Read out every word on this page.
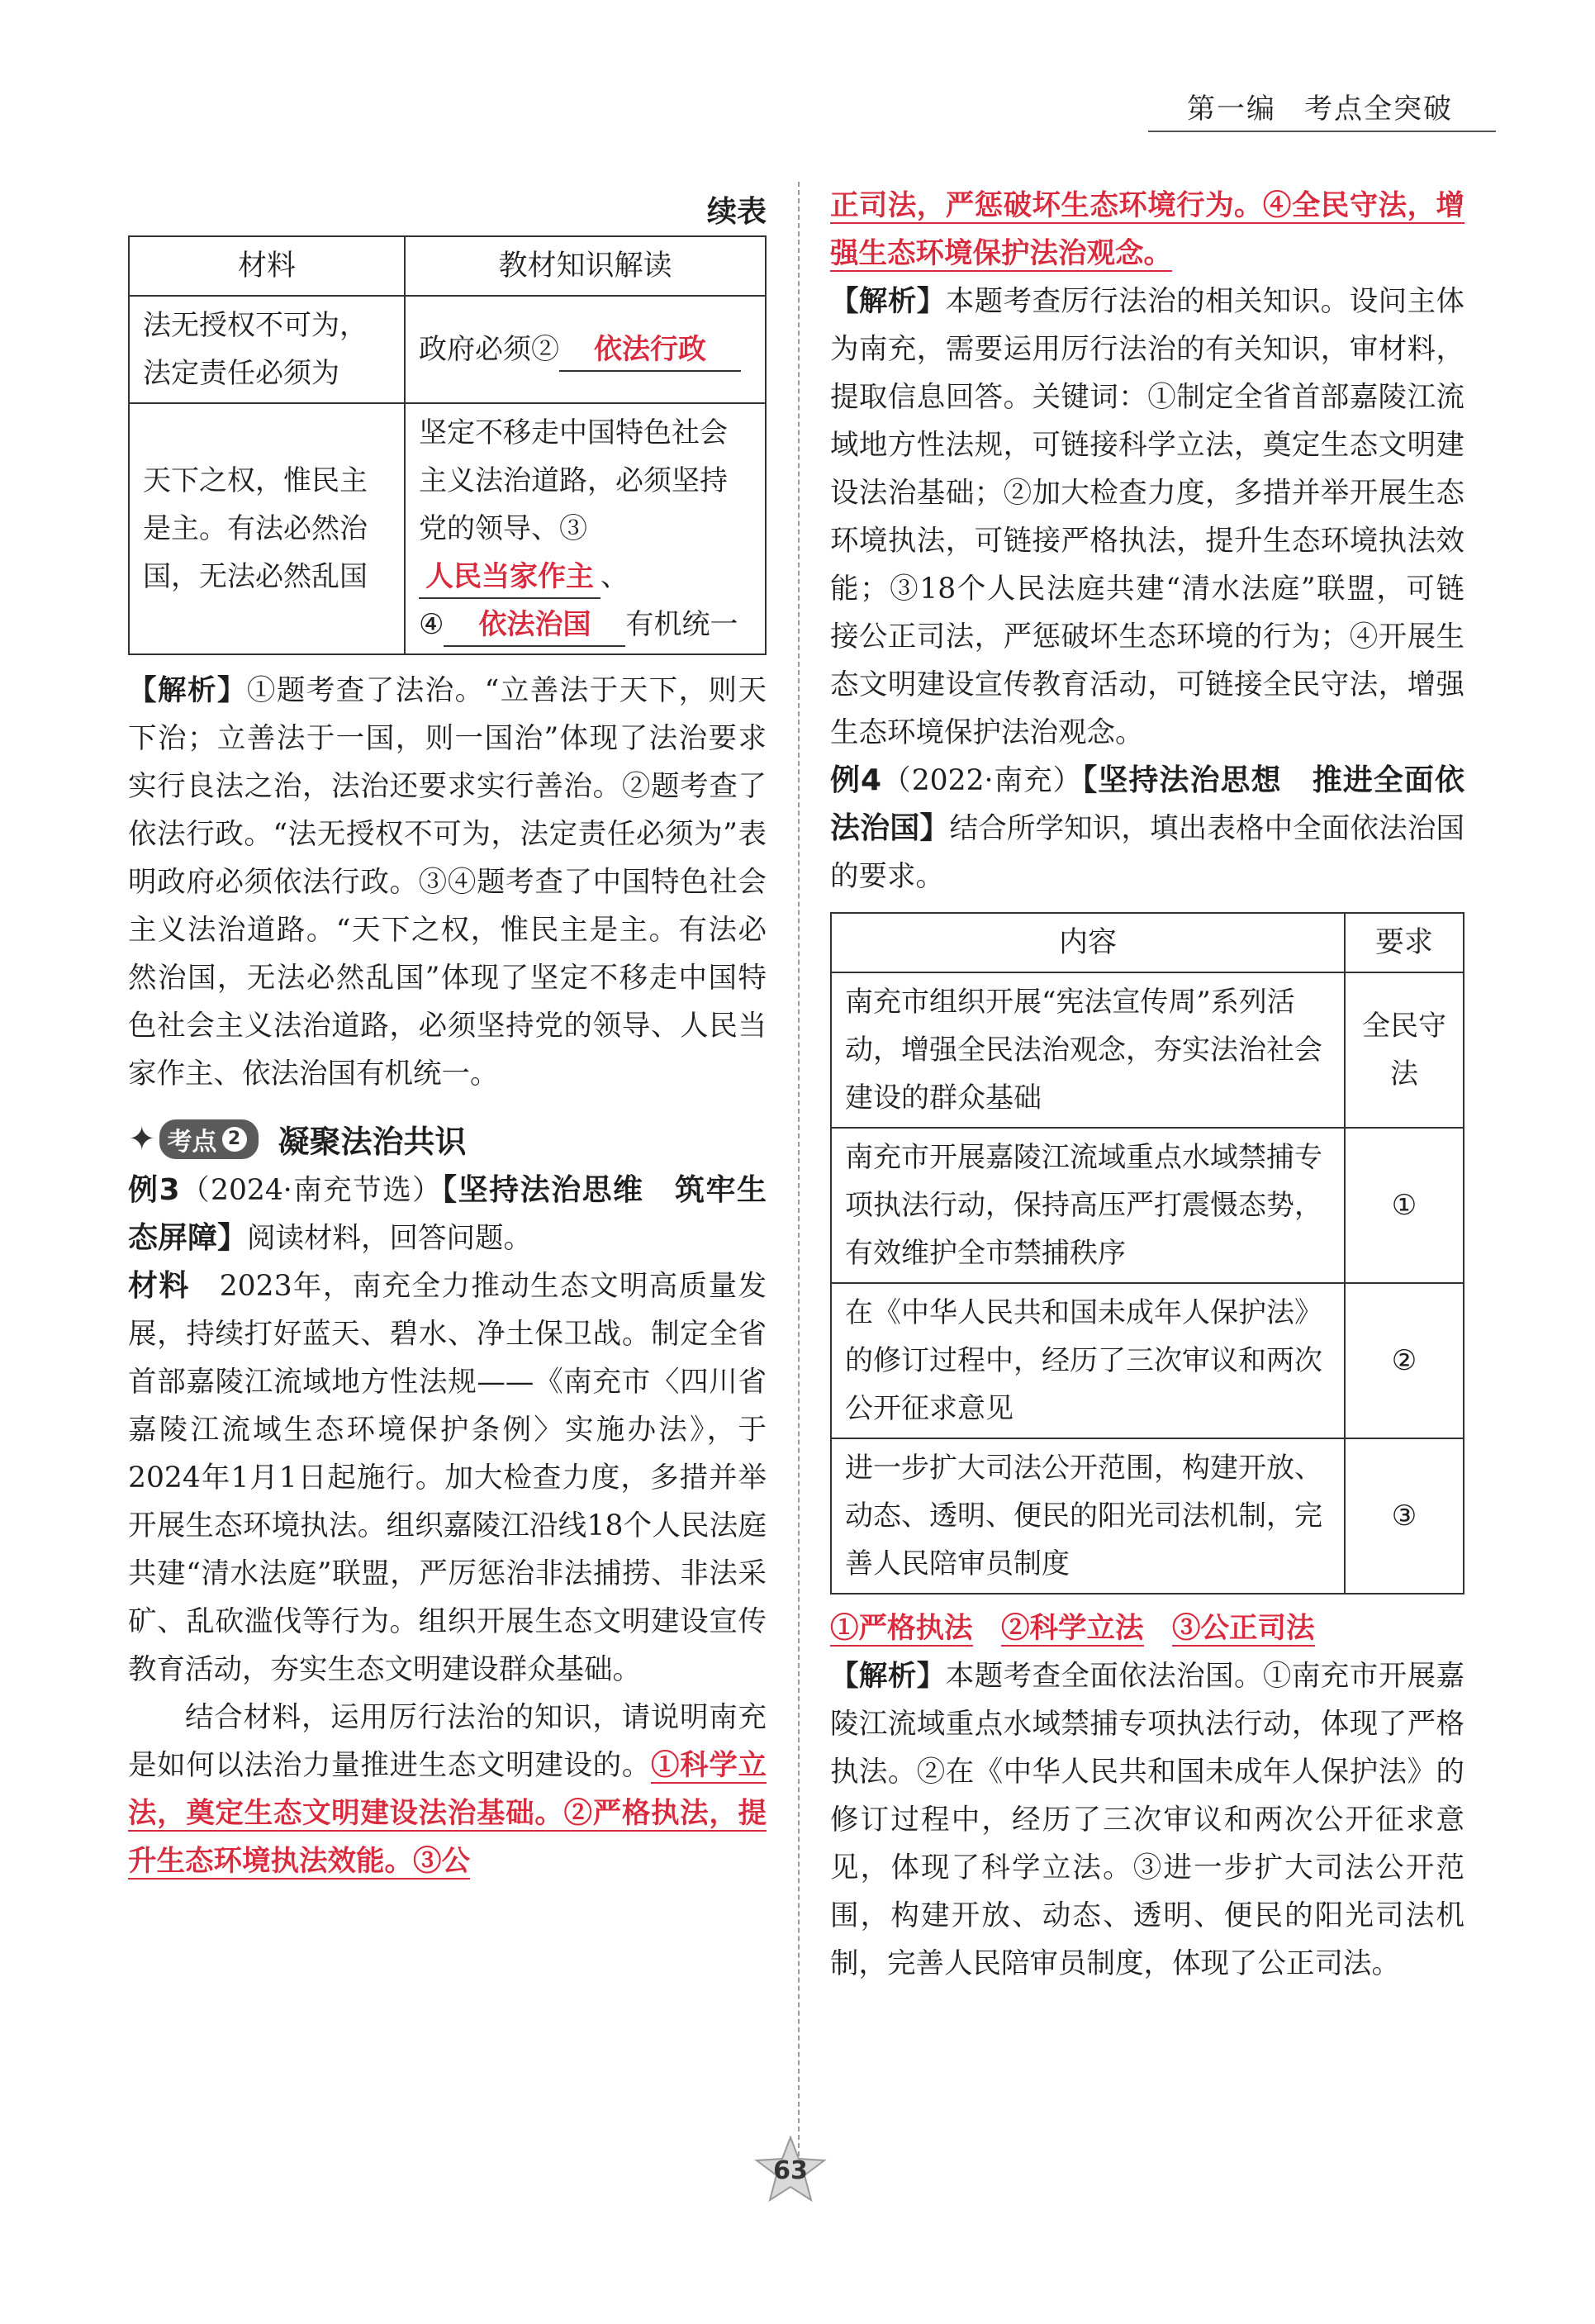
第一编 考点全突破
续表
材料	教材知识解读
法无授权不可为，法定责任必须为	政府必须② 依法行政
天下之权，惟民主是主。有法必然治国，无法必然乱国	坚定不移走中国特色社会主义法治道路，必须坚持党的领导、③人民当家作主 、
④ 依法治国 有机统一

【解析】①题考查了法治。“立善法于天下，则天下治；立善法于一国，则一国治”体现了法治要求实行良法之治，法治还要求实行善治。②题考查了依法行政。“法无授权不可为，法定责任必须为”表明政府必须依法行政。③④题考查了中国特色社会主义法治道路。“天下之权，惟民主是主。有法必然治国，无法必然乱国”体现了坚定不移走中国特色社会主义法治道路，必须坚持党的领导、人民当家作主、依法治国有机统一。

✦ 考点 2 凝聚法治共识

例3（2024·南充节选）【坚持法治思维　筑牢生态屏障】阅读材料，回答问题。

材料　 2023年，南充全力推动生态文明高质量发展，持续打好蓝天、碧水、净土保卫战。制定全省首部嘉陵江流域地方性法规——《南充市〈四川省嘉陵江流域生态环境保护条例〉实施办法》，于2024年1月1日起施行。加大检查力度，多措并举开展生态环境执法。组织嘉陵江沿线18个人民法庭共建“清水法庭”联盟，严厉惩治非法捕捞、非法采矿、乱砍滥伐等行为。组织开展生态文明建设宣传教育活动，夯实生态文明建设群众基础。

结合材料，运用厉行法治的知识，请说明南充是如何以法治力量推进生态文明建设的。①科学立法，奠定生态文明建设法治基础。②严格执法，提升生态环境执法效能。③公

正司法，严惩破坏生态环境行为。④全民守法，增强生态环境保护法治观念。

【解析】本题考查厉行法治的相关知识。设问主体为南充，需要运用厉行法治的有关知识，审材料，提取信息回答。关键词：①制定全省首部嘉陵江流域地方性法规，可链接科学立法，奠定生态文明建设法治基础；②加大检查力度，多措并举开展生态环境执法，可链接严格执法，提升生态环境执法效能；③18个人民法庭共建“清水法庭”联盟，可链接公正司法，严惩破坏生态环境的行为；④开展生态文明建设宣传教育活动，可链接全民守法，增强生态环境保护法治观念。

例4（2022·南充）【坚持法治思想　推进全面依法治国】结合所学知识，填出表格中全面依法治国的要求。

内容	要求
南充市组织开展“宪法宣传周”系列活动，增强全民法治观念，夯实法治社会建设的群众基础	全民守法
南充市开展嘉陵江流域重点水域禁捕专项执法行动，保持高压严打震慑态势，有效维护全市禁捕秩序	①
在《中华人民共和国未成年人保护法》的修订过程中，经历了三次审议和两次公开征求意见	②
进一步扩大司法公开范围，构建开放、动态、透明、便民的阳光司法机制，完善人民陪审员制度	③

①严格执法　 ②科学立法　 ③公正司法

【解析】本题考查全面依法治国。①南充市开展嘉陵江流域重点水域禁捕专项执法行动，体现了严格执法。②在《中华人民共和国未成年人保护法》的修订过程中，经历了三次审议和两次公开征求意见，体现了科学立法。③进一步扩大司法公开范围，构建开放、动态、透明、便民的阳光司法机制，完善人民陪审员制度，体现了公正司法。

63
